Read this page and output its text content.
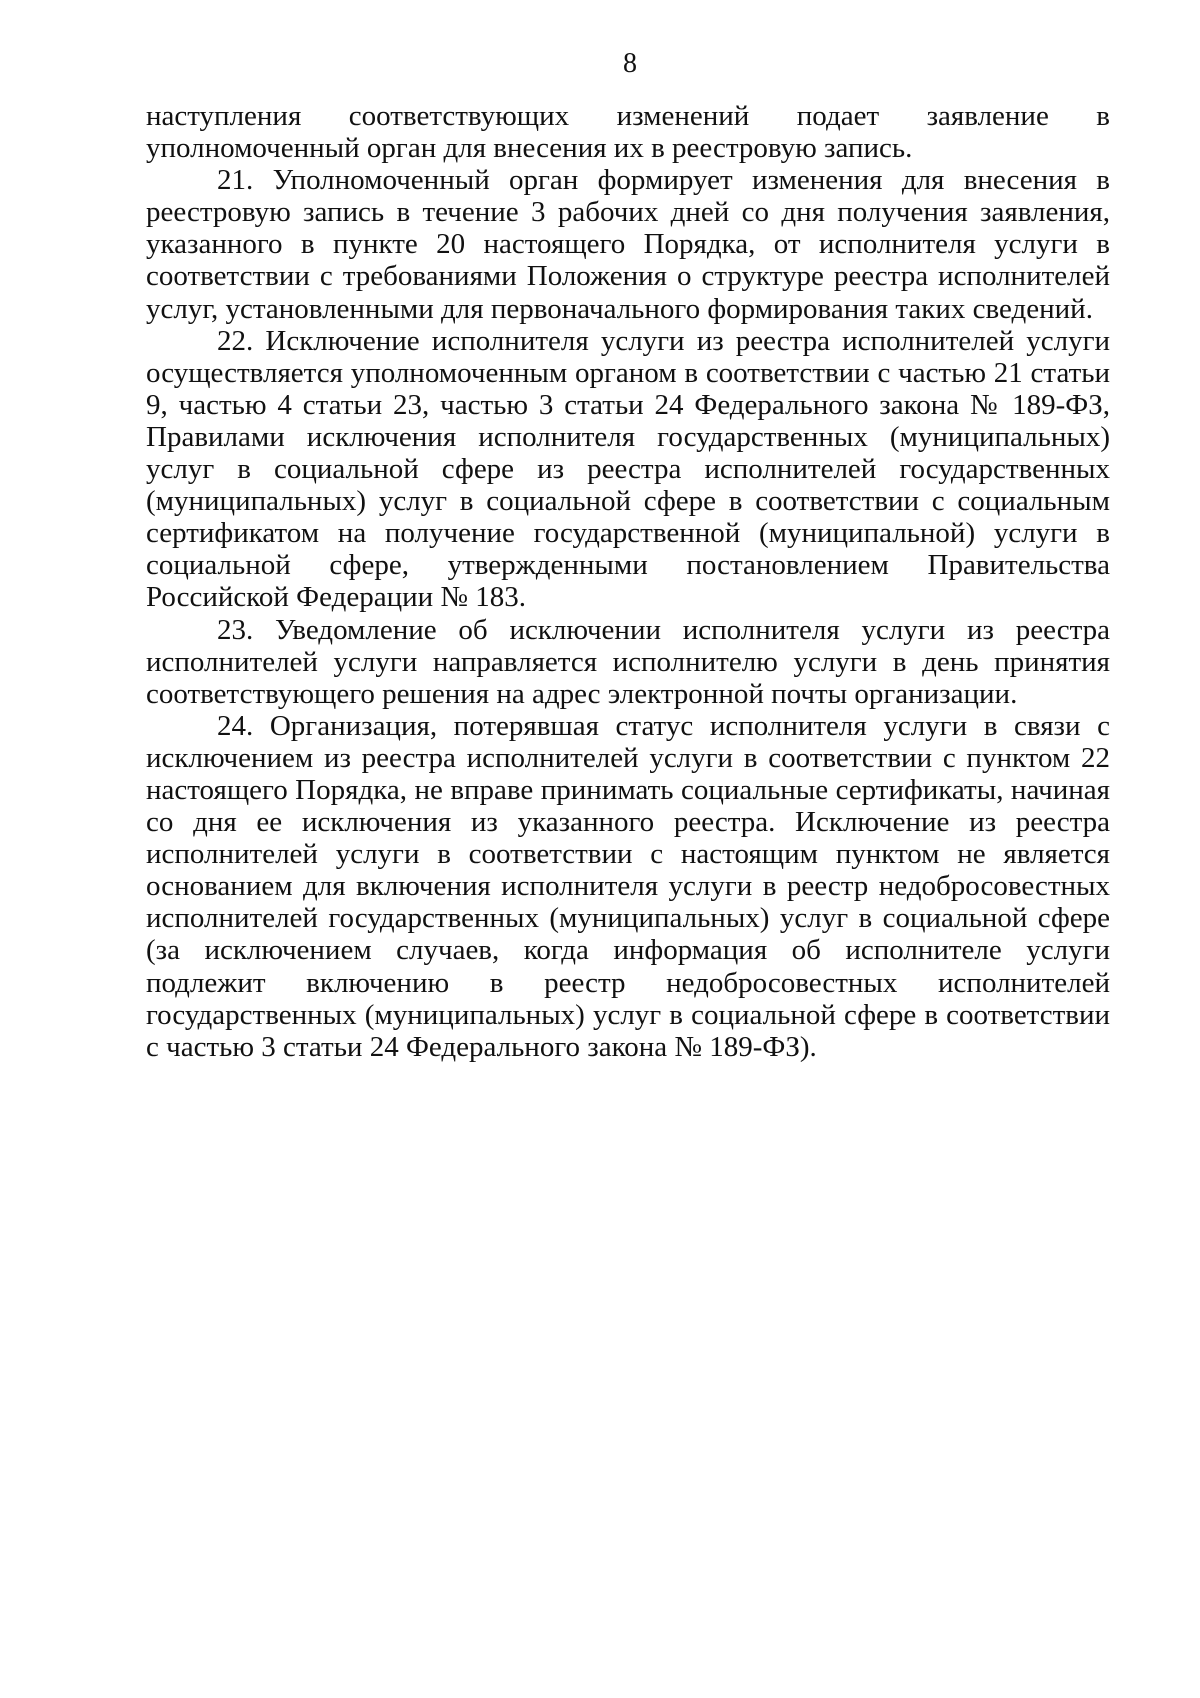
8

наступления соответствующих изменений подает заявление в уполномоченный орган для внесения их в реестровую запись.

21. Уполномоченный орган формирует изменения для внесения в реестровую запись в течение 3 рабочих дней со дня получения заявления, указанного в пункте 20 настоящего Порядка, от исполнителя услуги в соответствии с требованиями Положения о структуре реестра исполнителей услуг, установленными для первоначального формирования таких сведений.

22. Исключение исполнителя услуги из реестра исполнителей услуги осуществляется уполномоченным органом в соответствии с частью 21 статьи 9, частью 4 статьи 23, частью 3 статьи 24 Федерального закона № 189-ФЗ, Правилами исключения исполнителя государственных (муниципальных) услуг в социальной сфере из реестра исполнителей государственных (муниципальных) услуг в социальной сфере в соответствии с социальным сертификатом на получение государственной (муниципальной) услуги в социальной сфере, утвержденными постановлением Правительства Российской Федерации № 183.

23. Уведомление об исключении исполнителя услуги из реестра исполнителей услуги направляется исполнителю услуги в день принятия соответствующего решения на адрес электронной почты организации.

24. Организация, потерявшая статус исполнителя услуги в связи с исключением из реестра исполнителей услуги в соответствии с пунктом 22 настоящего Порядка, не вправе принимать социальные сертификаты, начиная со дня ее исключения из указанного реестра. Исключение из реестра исполнителей услуги в соответствии с настоящим пунктом не является основанием для включения исполнителя услуги в реестр недобросовестных исполнителей государственных (муниципальных) услуг в социальной сфере (за исключением случаев, когда информация об исполнителе услуги подлежит включению в реестр недобросовестных исполнителей государственных (муниципальных) услуг в социальной сфере в соответствии с частью 3 статьи 24 Федерального закона № 189-ФЗ).
